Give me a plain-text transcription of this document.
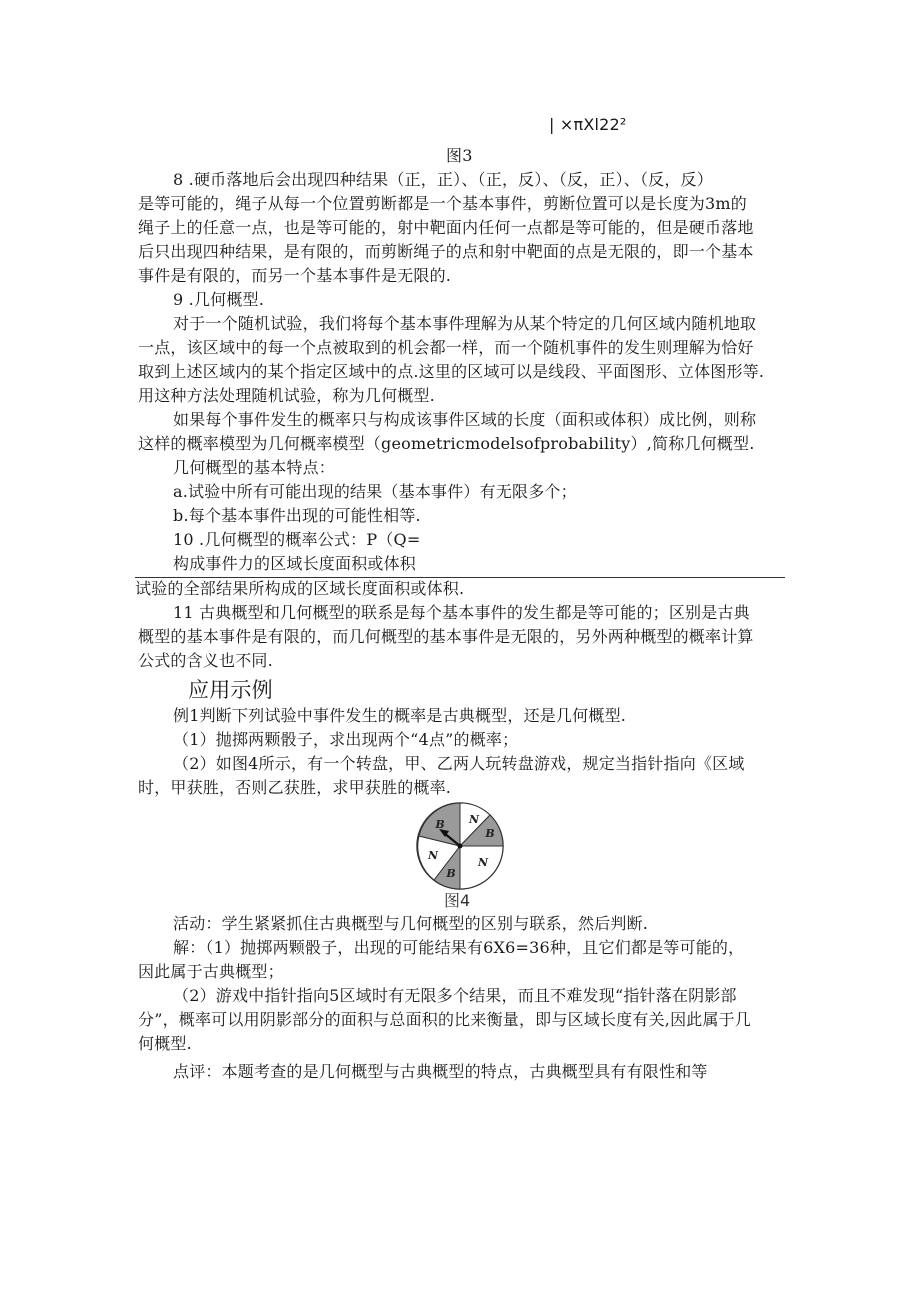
| ×πXl22²
图3
8 .硬币落地后会出现四种结果（正，正）、（正，反）、（反，正）、（反，反）
是等可能的，绳子从每一个位置剪断都是一个基本事件，剪断位置可以是长度为3m的
绳子上的任意一点，也是等可能的，射中靶面内任何一点都是等可能的，但是硬币落地
后只出现四种结果，是有限的，而剪断绳子的点和射中靶面的点是无限的，即一个基本
事件是有限的，而另一个基本事件是无限的.
9 .几何概型.
对于一个随机试验，我们将每个基本事件理解为从某个特定的几何区域内随机地取
一点，该区域中的每一个点被取到的机会都一样，而一个随机事件的发生则理解为恰好
取到上述区域内的某个指定区域中的点.这里的区域可以是线段、平面图形、立体图形等.
用这种方法处理随机试验，称为几何概型.
如果每个事件发生的概率只与构成该事件区域的长度（面积或体积）成比例，则称
这样的概率模型为几何概率模型（geometricmodelsofprobability）,简称几何概型.
几何概型的基本特点：
a.试验中所有可能出现的结果（基本事件）有无限多个；
b.每个基本事件出现的可能性相等.
10 .几何概型的概率公式：P（Q=
构成事件力的区域长度面积或体积
试验的全部结果所构成的区域长度面积或体积.
11 古典概型和几何概型的联系是每个基本事件的发生都是等可能的；区别是古典
概型的基本事件是有限的，而几何概型的基本事件是无限的，另外两种概型的概率计算
公式的含义也不同.
应用示例
例1判断下列试验中事件发生的概率是古典概型，还是几何概型.
（1）抛掷两颗骰子，求出现两个“4点”的概率；
（2）如图4所示，有一个转盘，甲、乙两人玩转盘游戏，规定当指针指向《区域
时，甲获胜，否则乙获胜，求甲获胜的概率.
N
B
N
B
N
B
图4
活动：学生紧紧抓住古典概型与几何概型的区别与联系，然后判断.
解：（1）抛掷两颗骰子，出现的可能结果有6X6=36种，且它们都是等可能的，
因此属于古典概型；
（2）游戏中指针指向5区域时有无限多个结果，而且不难发现“指针落在阴影部
分”，概率可以用阴影部分的面积与总面积的比来衡量，即与区域长度有关,因此属于几
何概型.
点评：本题考查的是几何概型与古典概型的特点，古典概型具有有限性和等
